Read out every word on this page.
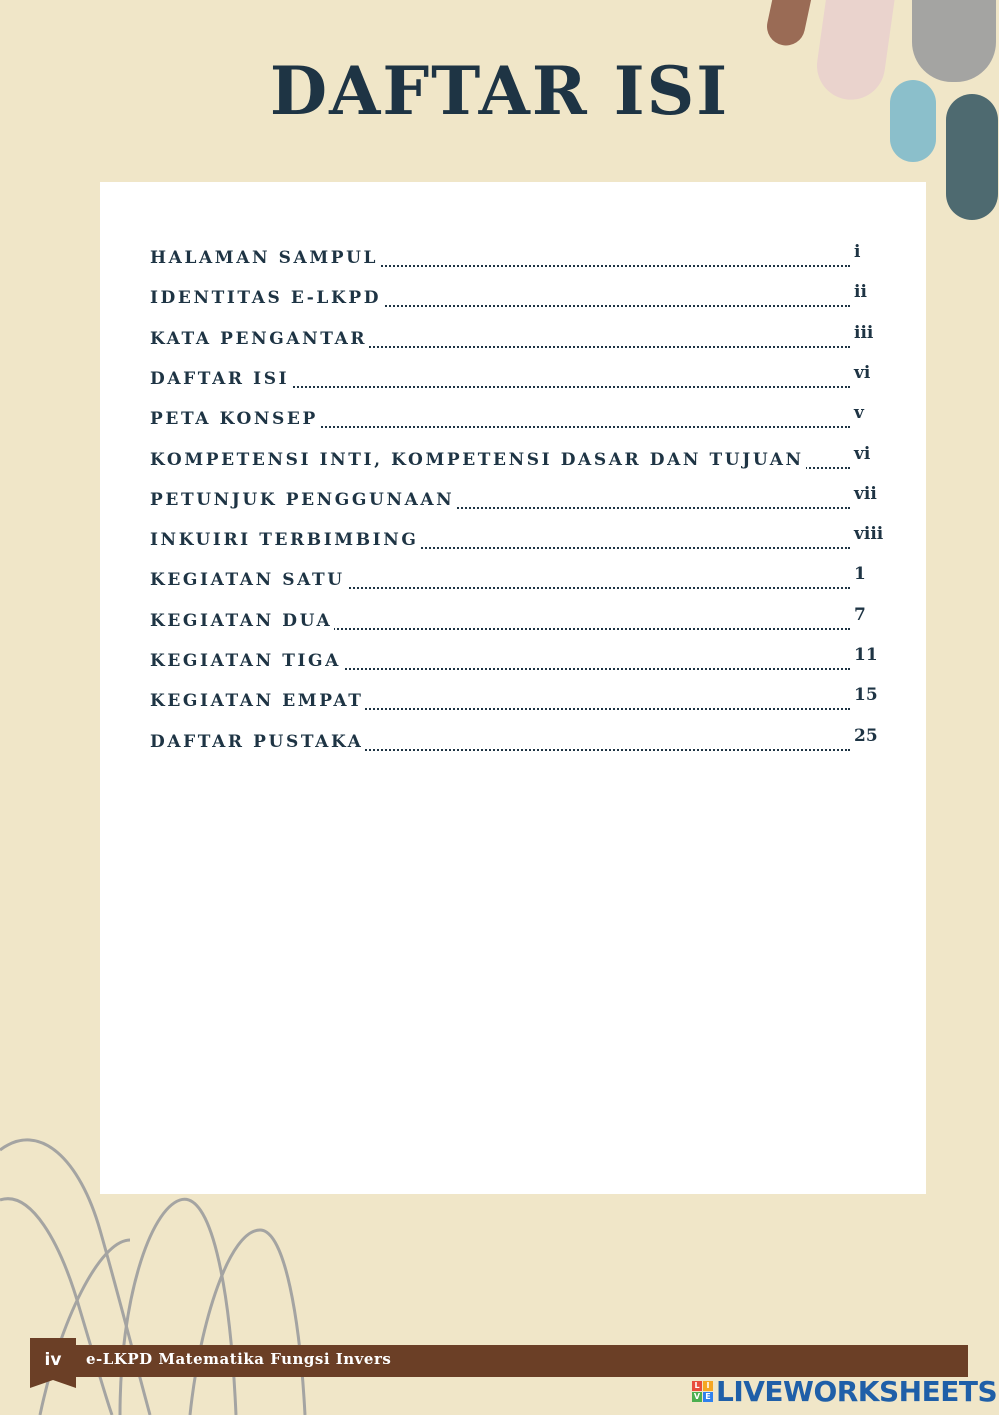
DAFTAR ISI
HALAMAN SAMPUL	i
IDENTITAS E-LKPD	ii
KATA PENGANTAR	iii
DAFTAR ISI	vi
PETA KONSEP	v
KOMPETENSI INTI, KOMPETENSI DASAR DAN TUJUAN	vi
PETUNJUK PENGGUNAAN	vii
INKUIRI TERBIMBING	viii
KEGIATAN SATU	1
KEGIATAN DUA	7
KEGIATAN TIGA	11
KEGIATAN EMPAT	15
DAFTAR PUSTAKA	25
iv	e-LKPD Matematika Fungsi Invers
L I
V E LIVEWORKSHEETS
